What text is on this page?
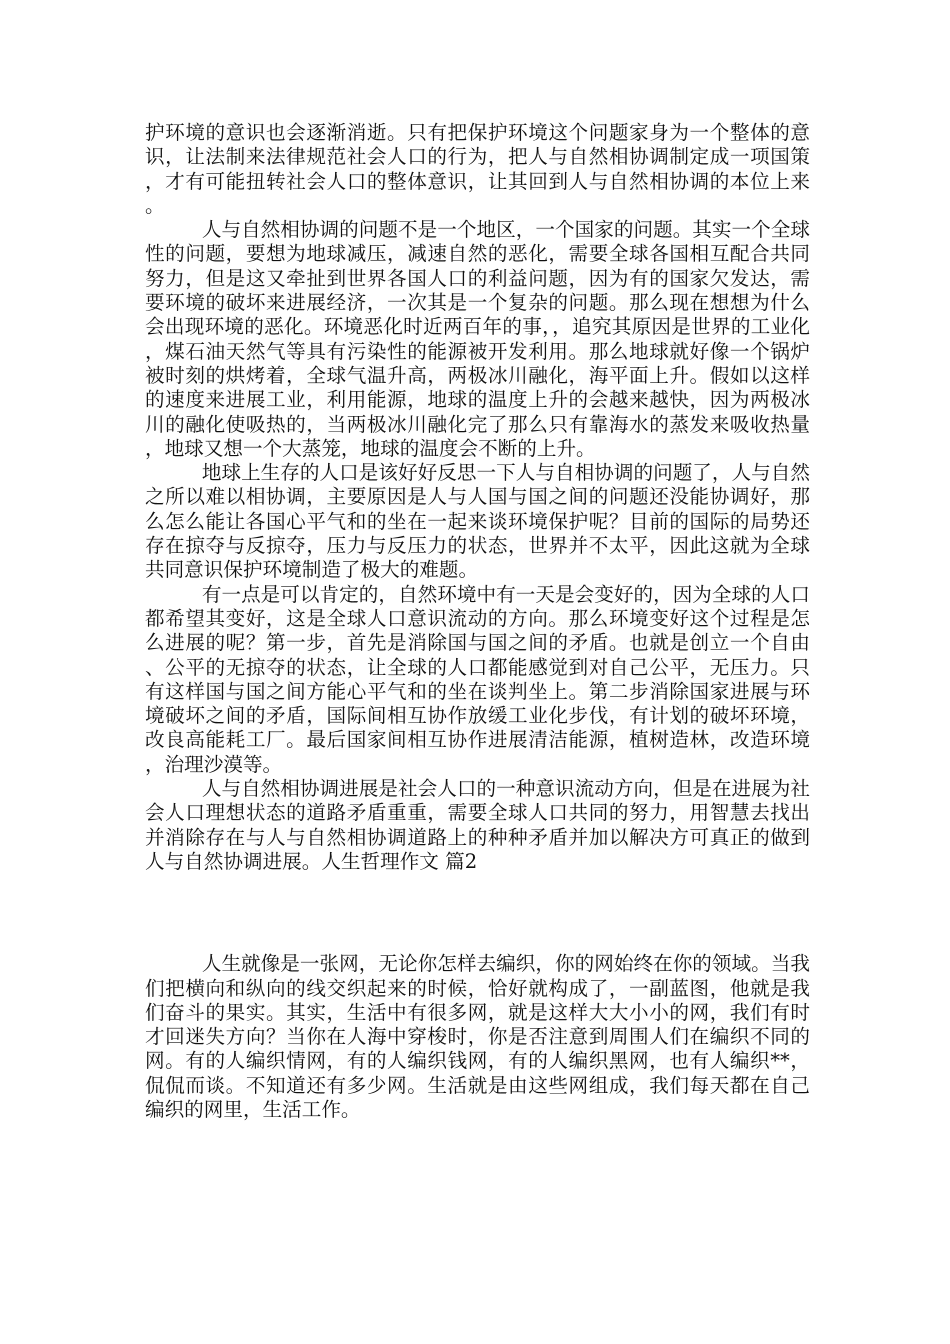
护环境的意识也会逐渐消逝。只有把保护环境这个问题家身为一个整体的意识，让法制来法律规范社会人口的行为，把人与自然相协调制定成一项国策，才有可能扭转社会人口的整体意识，让其回到人与自然相协调的本位上来。

人与自然相协调的问题不是一个地区，一个国家的问题。其实一个全球性的问题，要想为地球减压，减速自然的恶化，需要全球各国相互配合共同努力，但是这又牵扯到世界各国人口的利益问题，因为有的国家欠发达，需要环境的破坏来进展经济，一次其是一个复杂的问题。那么现在想想为什么会出现环境的恶化。环境恶化时近两百年的事，，追究其原因是世界的工业化，煤石油天然气等具有污染性的能源被开发利用。那么地球就好像一个锅炉被时刻的烘烤着，全球气温升高，两极冰川融化，海平面上升。假如以这样的速度来进展工业，利用能源，地球的温度上升的会越来越快，因为两极冰川的融化使吸热的，当两极冰川融化完了那么只有靠海水的蒸发来吸收热量，地球又想一个大蒸笼，地球的温度会不断的上升。

地球上生存的人口是该好好反思一下人与自相协调的问题了，人与自然之所以难以相协调，主要原因是人与人国与国之间的问题还没能协调好，那么怎么能让各国心平气和的坐在一起来谈环境保护呢？目前的国际的局势还存在掠夺与反掠夺，压力与反压力的状态，世界并不太平，因此这就为全球共同意识保护环境制造了极大的难题。

有一点是可以肯定的，自然环境中有一天是会变好的，因为全球的人口都希望其变好，这是全球人口意识流动的方向。那么环境变好这个过程是怎么进展的呢？第一步，首先是消除国与国之间的矛盾。也就是创立一个自由、公平的无掠夺的状态，让全球的人口都能感觉到对自己公平，无压力。只有这样国与国之间方能心平气和的坐在谈判坐上。第二步消除国家进展与环境破坏之间的矛盾，国际间相互协作放缓工业化步伐，有计划的破坏环境，改良高能耗工厂。最后国家间相互协作进展清洁能源，植树造林，改造环境，治理沙漠等。

人与自然相协调进展是社会人口的一种意识流动方向，但是在进展为社会人口理想状态的道路矛盾重重，需要全球人口共同的努力，用智慧去找出并消除存在与人与自然相协调道路上的种种矛盾并加以解决方可真正的做到人与自然协调进展。人生哲理作文 篇2

人生就像是一张网，无论你怎样去编织，你的网始终在你的领域。当我们把横向和纵向的线交织起来的时候，恰好就构成了，一副蓝图，他就是我们奋斗的果实。其实，生活中有很多网，就是这样大大小小的网，我们有时才回迷失方向？当你在人海中穿梭时，你是否注意到周围人们在编织不同的网。有的人编织情网，有的人编织钱网，有的人编织黑网，也有人编织**，侃侃而谈。不知道还有多少网。生活就是由这些网组成，我们每天都在自己编织的网里，生活工作。
